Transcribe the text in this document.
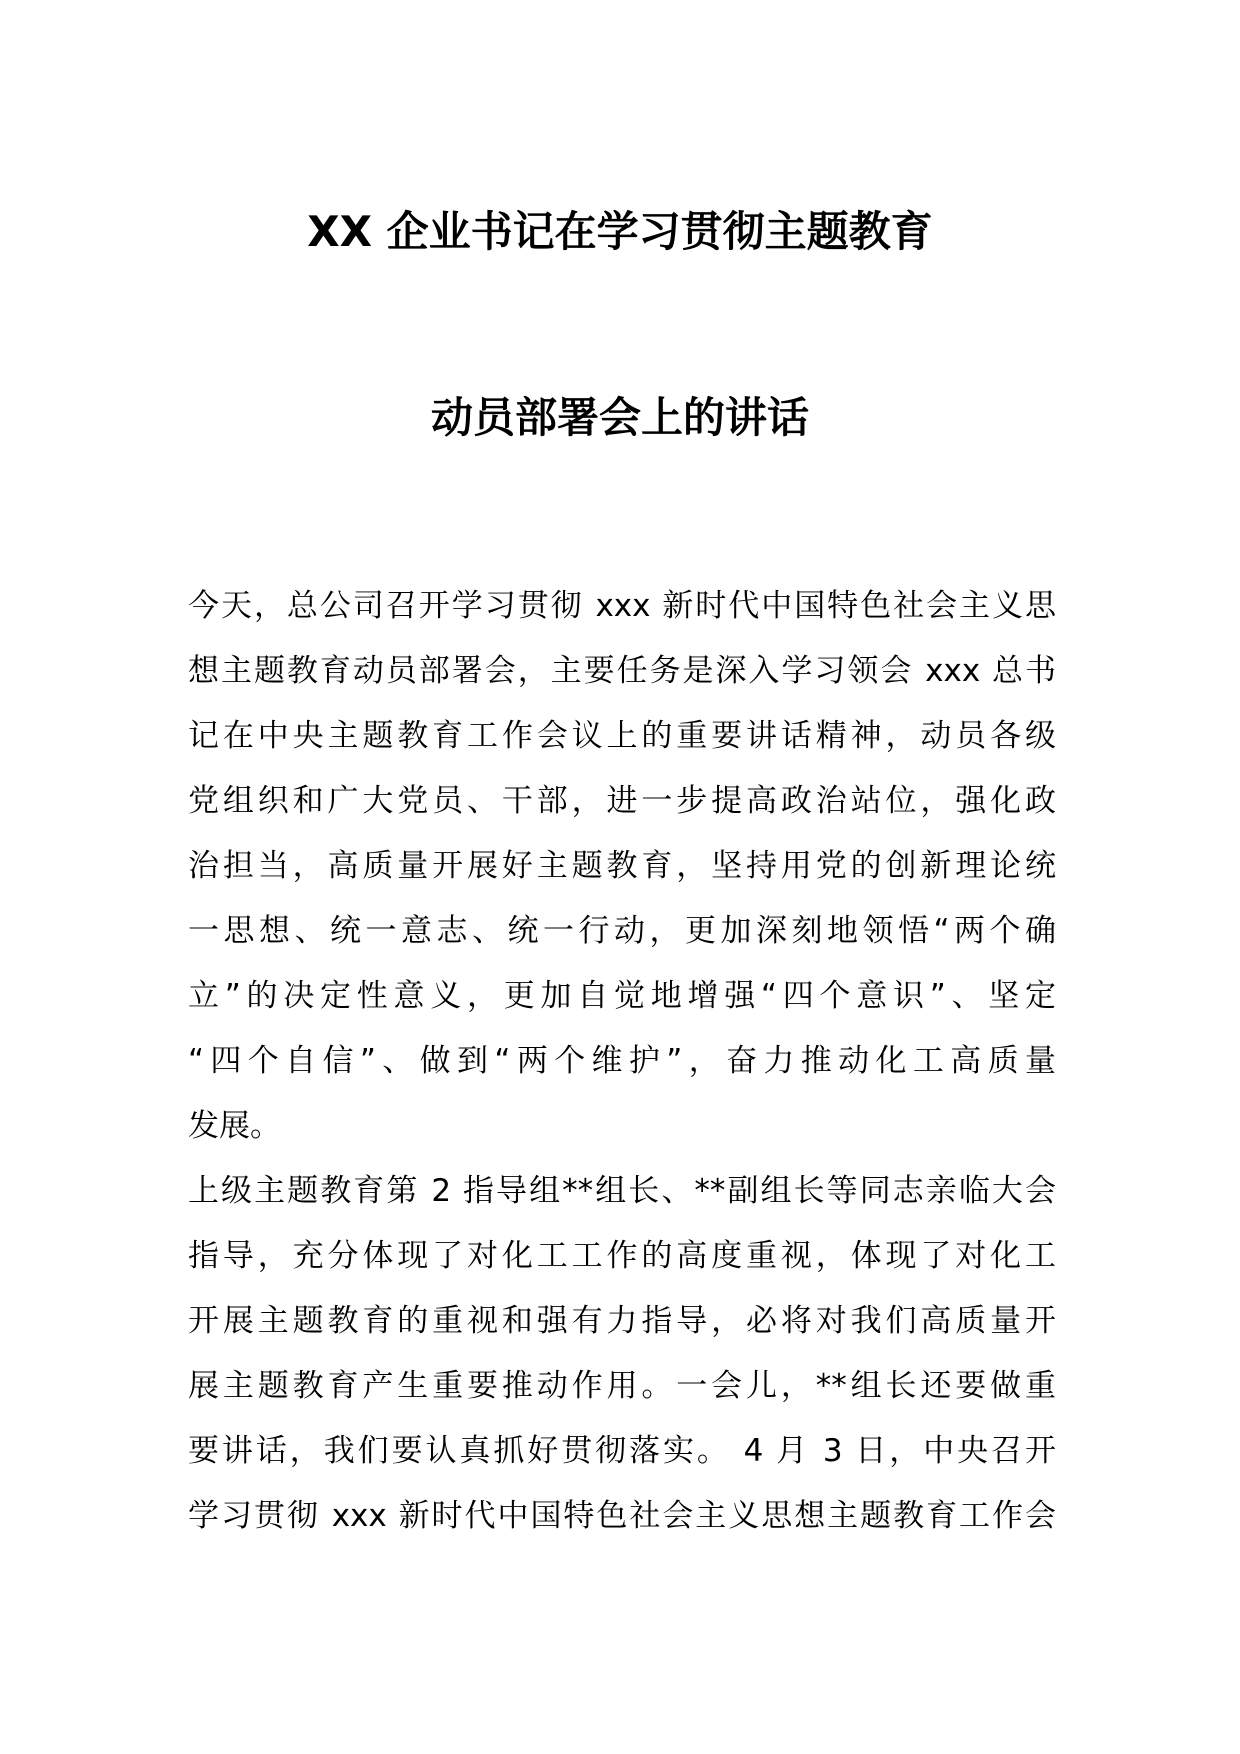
XX 企业书记在学习贯彻主题教育
动员部署会上的讲话
今天，总公司召开学习贯彻 xxx 新时代中国特色社会主义思
想主题教育动员部署会，主要任务是深入学习领会 xxx 总书
记在中央主题教育工作会议上的重要讲话精神，动员各级
党组织和广大党员、干部，进一步提高政治站位，强化政
治担当，高质量开展好主题教育，坚持用党的创新理论统
一思想、统一意志、统一行动，更加深刻地领悟“两个确
立”的决定性意义，更加自觉地增强“四个意识”、坚定
“四个自信”、做到“两个维护”，奋力推动化工高质量
发展。
上级主题教育第 2 指导组**组长、**副组长等同志亲临大会
指导，充分体现了对化工工作的高度重视，体现了对化工
开展主题教育的重视和强有力指导，必将对我们高质量开
展主题教育产生重要推动作用。一会儿，**组长还要做重
要讲话，我们要认真抓好贯彻落实。 4 月 3 日，中央召开
学习贯彻 xxx 新时代中国特色社会主义思想主题教育工作会
